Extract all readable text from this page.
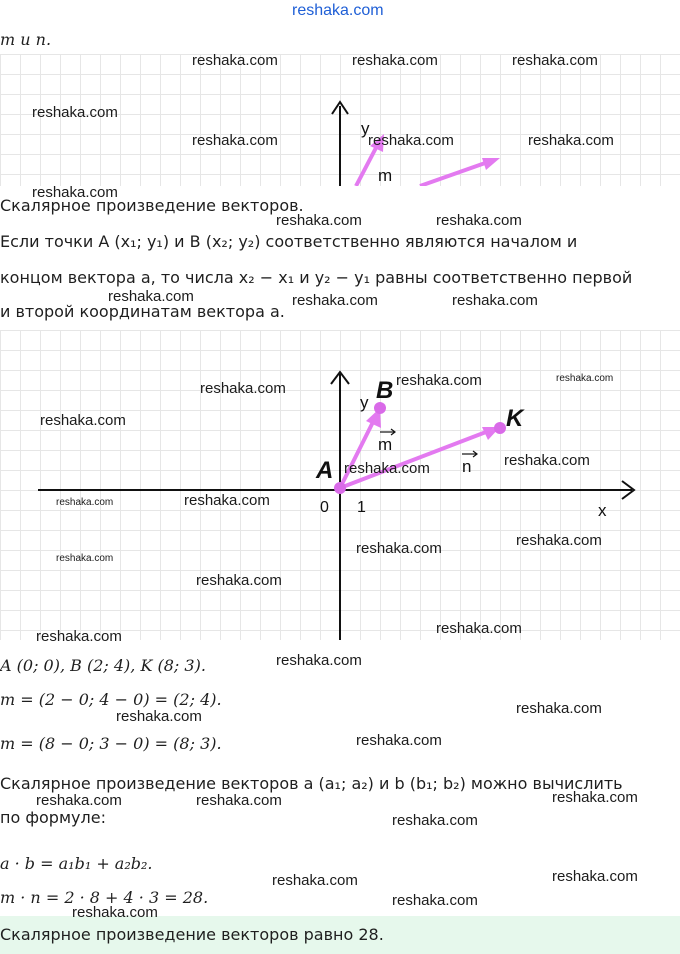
reshaka.com
m и n.
y
m
Скалярное произведение векторов.
Если точки A (x₁; y₁) и B (x₂; y₂) соответственно являются началом и
концом вектора a, то числа x₂ − x₁ и y₂ − y₁ равны соответственно первой
и второй координатам вектора a.
A
B
K
y
x
0 1
m
n
A (0; 0), B (2; 4), K (8; 3).
m = (2 − 0; 4 − 0) = (2; 4).
m = (8 − 0; 3 − 0) = (8; 3).
Скалярное произведение векторов a (a₁; a₂) и b (b₁; b₂) можно вычислить
по формуле:
a · b = a₁b₁ + a₂b₂.
m · n = 2 · 8 + 4 · 3 = 28.
Скалярное произведение векторов равно 28.
reshaka.com	reshaka.com	reshaka.com
reshaka.com
reshaka.com	reshaka.com	reshaka.com
reshaka.com
reshaka.com	reshaka.com
reshaka.com	reshaka.com	reshaka.com
reshaka.com	reshaka.com	reshaka.com
reshaka.com
reshaka.com	reshaka.com
reshaka.com	reshaka.com
reshaka.com	reshaka.com
reshaka.com
reshaka.com
reshaka.com	reshaka.com
reshaka.com
reshaka.com	reshaka.com
reshaka.com
reshaka.com	reshaka.com	reshaka.com
reshaka.com
reshaka.com	reshaka.com
reshaka.com
reshaka.com
